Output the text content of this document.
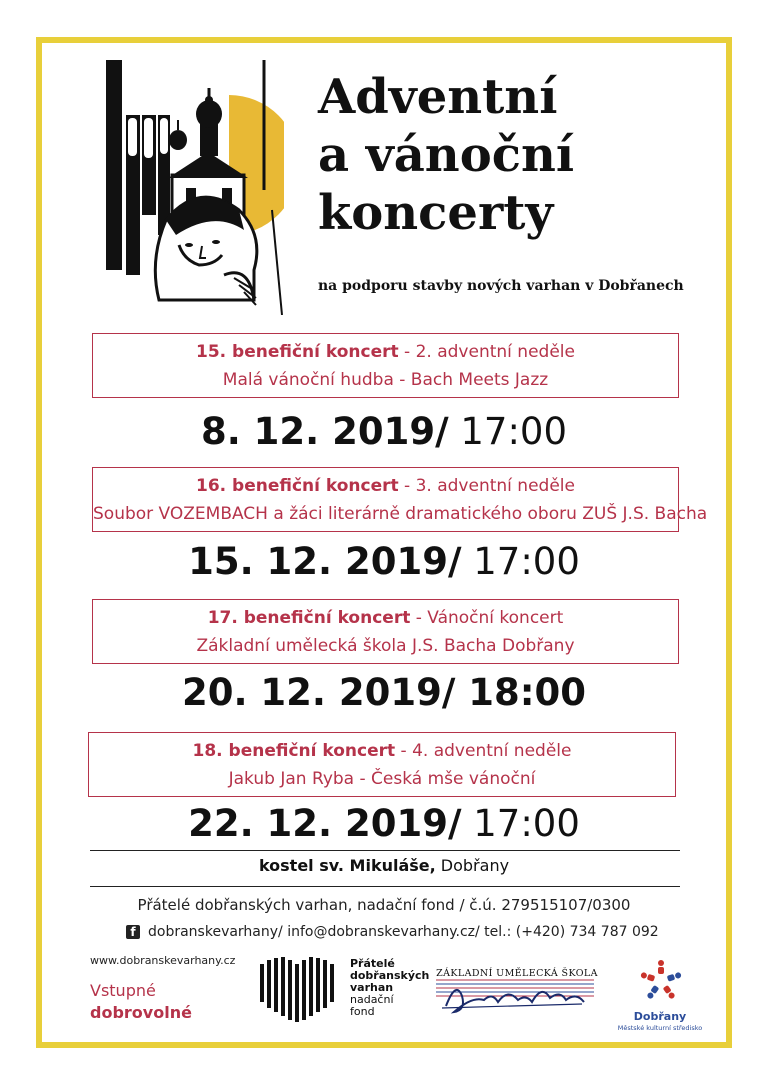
Adventní
a vánoční
koncerty
na podporu stavby nových varhan v Dobřanech
15. benefiční koncert - 2. adventní neděle
Malá vánoční hudba - Bach Meets Jazz
8. 12. 2019/ 17:00
16. benefiční koncert - 3. adventní neděle
Soubor VOZEMBACH a žáci literárně dramatického oboru ZUŠ J.S. Bacha
15. 12. 2019/ 17:00
17. benefiční koncert - Vánoční koncert
Základní umělecká škola J.S. Bacha Dobřany
20. 12. 2019/ 18:00
18. benefiční koncert - 4. adventní neděle
Jakub Jan Ryba - Česká mše vánoční
22. 12. 2019/ 17:00
kostel sv. Mikuláše, Dobřany
Přátelé dobřanských varhan, nadační fond / č.ú. 279515107/0300
f dobranskevarhany/ info@dobranskevarhany.cz/ tel.: (+420) 734 787 092
www.dobranskevarhany.cz
Vstupné
dobrovolné
Přátelé
dobřanských
varhan
nadační
fond
ZÁKLADNÍ UMĚLECKÁ ŠKOLA
Dobřany
Městské kulturní středisko
